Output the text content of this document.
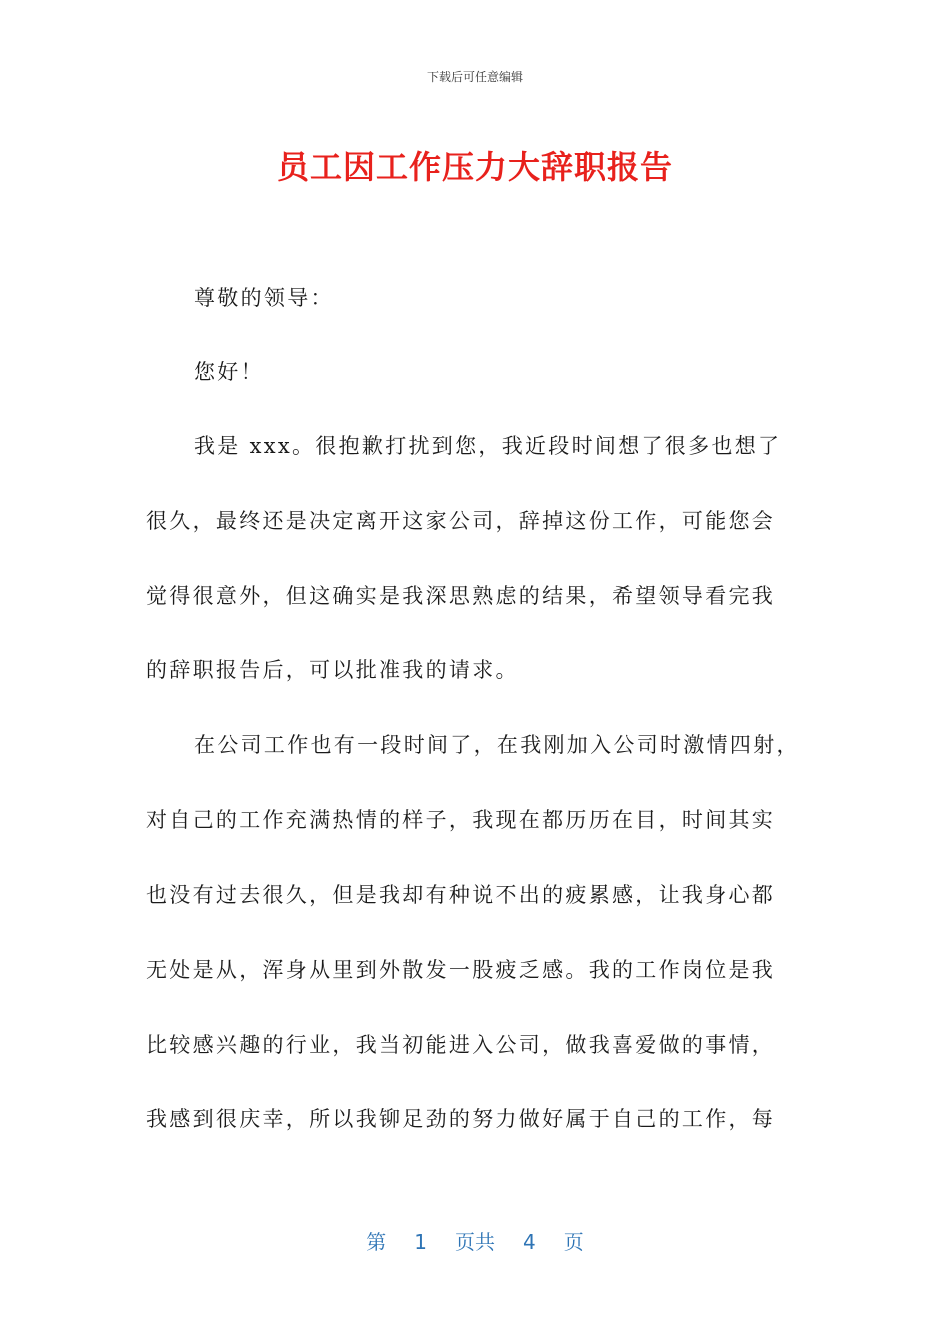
下载后可任意编辑
员工因工作压力大辞职报告
尊敬的领导：
您好！
我是 xxx。很抱歉打扰到您，我近段时间想了很多也想了
很久，最终还是决定离开这家公司，辞掉这份工作，可能您会
觉得很意外，但这确实是我深思熟虑的结果，希望领导看完我
的辞职报告后，可以批准我的请求。
在公司工作也有一段时间了，在我刚加入公司时激情四射，
对自己的工作充满热情的样子，我现在都历历在目，时间其实
也没有过去很久，但是我却有种说不出的疲累感，让我身心都
无处是从，浑身从里到外散发一股疲乏感。我的工作岗位是我
比较感兴趣的行业，我当初能进入公司，做我喜爱做的事情，
我感到很庆幸，所以我铆足劲的努力做好属于自己的工作，每
第 1 页共 4 页
